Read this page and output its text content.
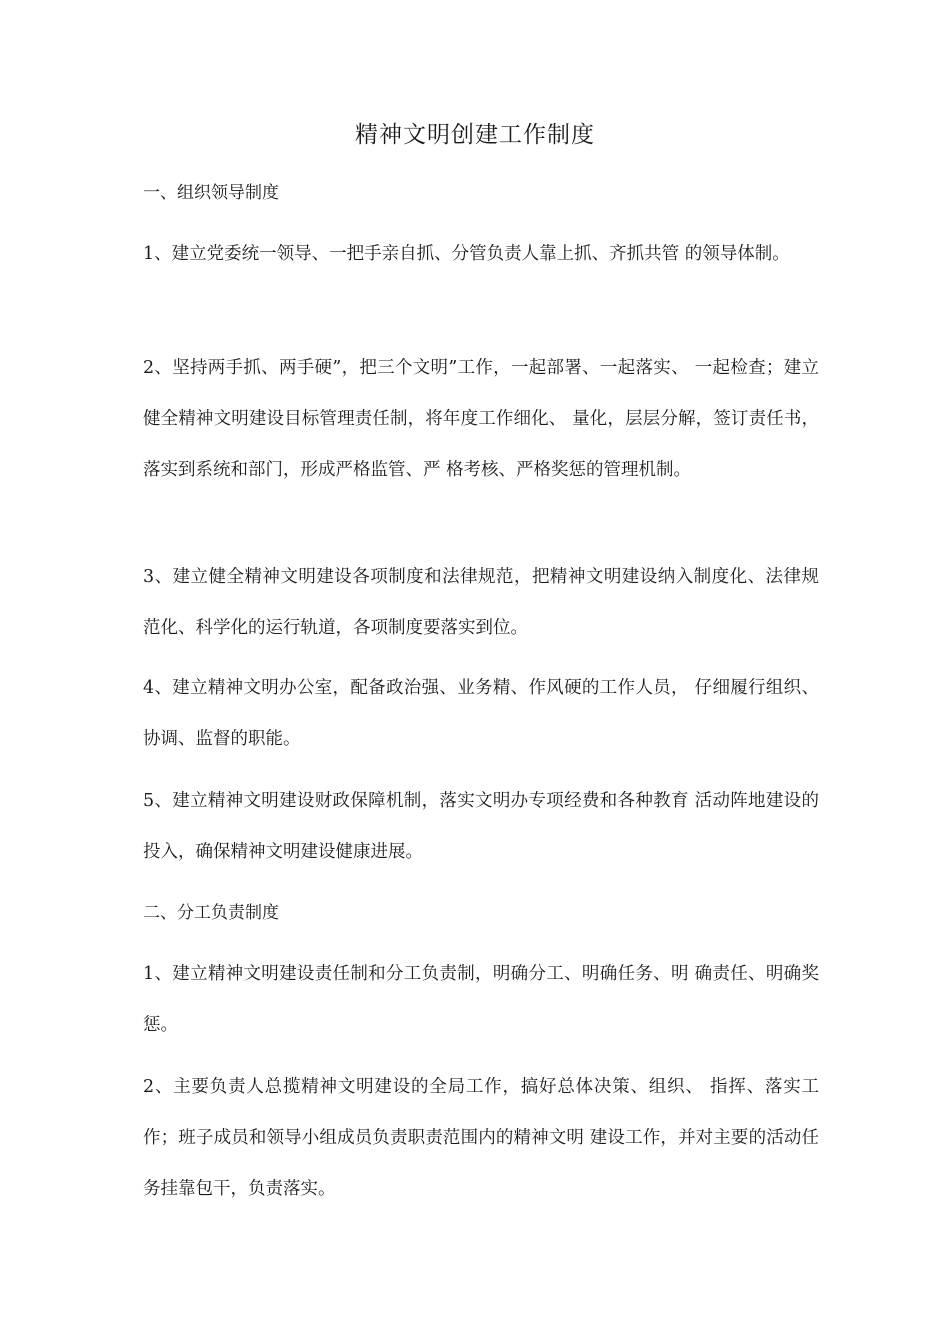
精神文明创建工作制度
一、组织领导制度
1、建立党委统一领导、一把手亲自抓、分管负责人靠上抓、齐抓共管 的领导体制。
2、坚持两手抓、两手硬”，把三个文明”工作，一起部署、一起落实、 一起检查；建立健全精神文明建设目标管理责任制，将年度工作细化、 量化，层层分解，签订责任书，落实到系统和部门，形成严格监管、严 格考核、严格奖惩的管理机制。
3、建立健全精神文明建设各项制度和法律规范，把精神文明建设纳入制度化、法律规范化、科学化的运行轨道，各项制度要落实到位。
4、建立精神文明办公室，配备政治强、业务精、作风硬的工作人员， 仔细履行组织、协调、监督的职能。
5、建立精神文明建设财政保障机制，落实文明办专项经费和各种教育 活动阵地建设的投入，确保精神文明建设健康进展。
二、分工负责制度
1、建立精神文明建设责任制和分工负责制，明确分工、明确任务、明 确责任、明确奖惩。
2、主要负责人总揽精神文明建设的全局工作，搞好总体决策、组织、 指挥、落实工作；班子成员和领导小组成员负责职责范围内的精神文明 建设工作，并对主要的活动任务挂靠包干，负责落实。
